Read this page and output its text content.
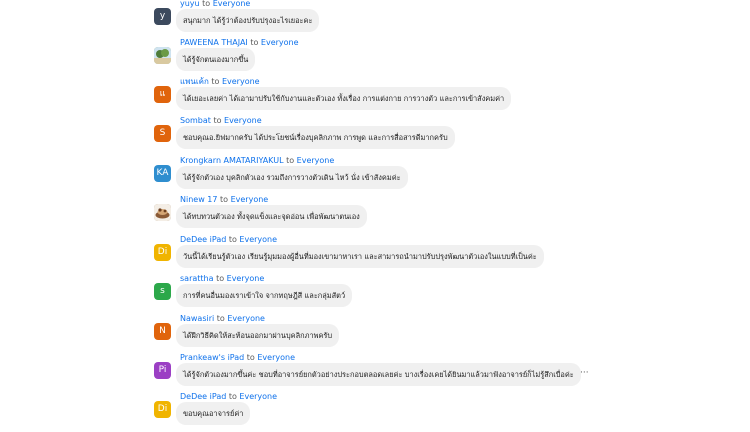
y
yuyu to Everyone
สนุกมาก ได้รู้ว่าต้องปรับปรุงอะไรเยอะคะ
PAWEENA THAJAI to Everyone
ได้รู้จักตนเองมากขึ้น
แ
แพนเค้ก to Everyone
ได้เยอะเลยค่า ได้เอามาปรับใช้กับงานและตัวเอง ทั้งเรื่อง การแต่งกาย การวางตัว และการเข้าสังคมค่า
S
Sombat to Everyone
ชอบคุณอ.ยิฟมากครับ ได้ประโยชน์เรื่องบุคลิกภาพ การพูด และการสื่อสารดีมากครับ
KA
Krongkarn AMATARIYAKUL to Everyone
ได้รู้จักตัวเอง บุคลิกตัวเอง รวมถึงการวางตัวเดิน ไหว้ นั่ง เข้าสังคมค่ะ
Ninew 17 to Everyone
ได้ทบทวนตัวเอง ทั้งจุดแข็งและจุดอ่อน เพื่อพัฒนาตนเอง
Di
DeDee iPad to Everyone
วันนี้ได้เรียนรู้ตัวเอง เรียนรู้มุมมองผู้อื่นที่มองเขามาหาเรา และสามารถนำมาปรับปรุงพัฒนาตัวเองในแบบที่เป็นค่ะ
s
sarattha to Everyone
การที่คนอื่นมองเราเข้าใจ จากทฤษฎีสี และกลุ่มสัตว์
N
Nawasiri to Everyone
ได้ฝึกวิธีคิดให้สะท้อนออกมาผ่านบุคลิกภาพครับ
Pi
Prankeaw's iPad to Everyone
ได้รู้จักตัวเองมากขึ้นค่ะ ชอบที่อาจารย์ยกตัวอย่างประกอบตลอดเลยค่ะ บางเรื่องเคยได้ยินมาแล้วมาฟังอาจารย์ก็ไม่รู้สึกเบื่อค่ะ ···
Di
DeDee iPad to Everyone
ขอบคุณอาจารย์ค่า
